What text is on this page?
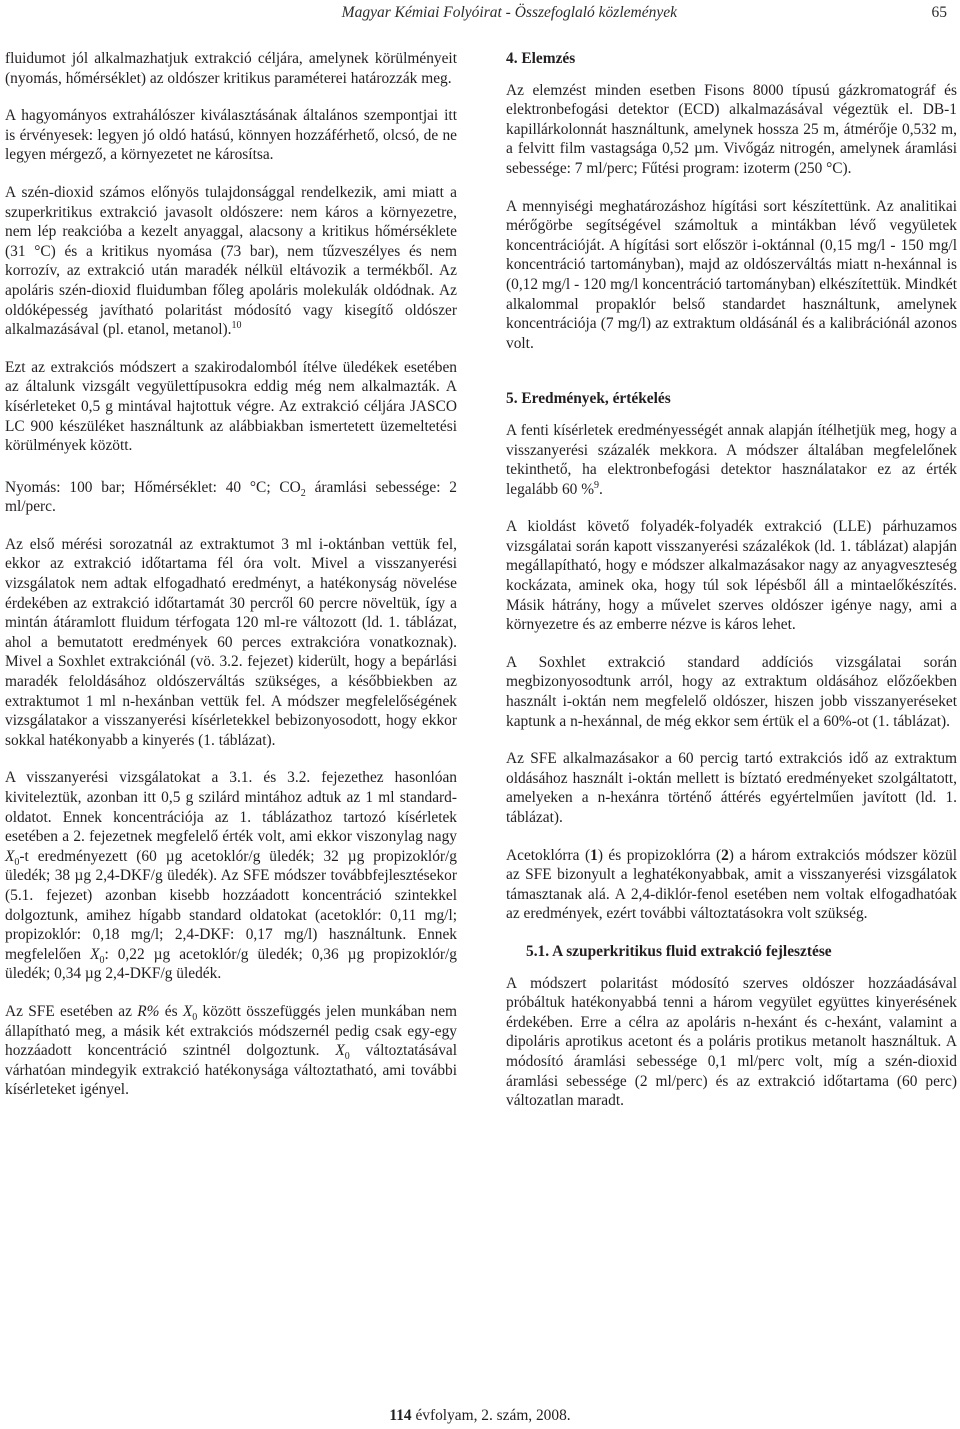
Magyar Kémiai Folyóirat - Összefoglaló közlemények	65

fluidumot jól alkalmazhatjuk extrakció céljára, amelynek körülményeit (nyomás, hőmérséklet) az oldószer kritikus paraméterei határozzák meg.

A hagyományos extrahálószer kiválasztásának általános szempontjai itt is érvényesek: legyen jó oldó hatású, könnyen hozzáférhető, olcsó, de ne legyen mérgező, a környezetet ne károsítsa.

A szén-dioxid számos előnyös tulajdonsággal rendelkezik, ami miatt a szuperkritikus extrakció javasolt oldószere: nem káros a környezetre, nem lép reakcióba a kezelt anyaggal, alacsony a kritikus hőmérséklete (31 °C) és a kritikus nyomása (73 bar), nem tűzveszélyes és nem korrozív, az extrakció után maradék nélkül eltávozik a termékből. Az apoláris szén-dioxid fluidumban főleg apoláris molekulák oldódnak. Az oldóképesség javítható polaritást módosító vagy kisegítő oldószer alkalmazásával (pl. etanol, metanol).$^{10}$

Ezt az extrakciós módszert a szakirodalomból ítélve üledékek esetében az általunk vizsgált vegyülettípusokra eddig még nem alkalmazták. A kísérleteket 0,5 g mintával hajtottuk végre. Az extrakció céljára JASCO LC 900 készüléket használtunk az alábbiakban ismertetett üzemeltetési körülmények között.

Nyomás: 100 bar; Hőmérséklet: 40 °C; $CO_2$ áramlási sebessége: 2 ml/perc.

Az első mérési sorozatnál az extraktumot 3 ml i-oktánban vettük fel, ekkor az extrakció időtartama fél óra volt. Mivel a visszanyerési vizsgálatok nem adtak elfogadható eredményt, a hatékonyság növelése érdekében az extrakció időtartamát 30 percről 60 percre növeltük, így a mintán átáramlott fluidum térfogata 120 ml-re változott (ld. 1. táblázat, ahol a bemutatott eredmények 60 perces extrakcióra vonatkoznak). Mivel a Soxhlet extrakciónál (vö. 3.2. fejezet) kiderült, hogy a bepárlási maradék feloldásához oldószerváltás szükséges, a későbbiekben az extraktumot 1 ml n-hexánban vettük fel. A módszer megfelelőségének vizsgálatakor a visszanyerési kísérletekkel bebizonyosodott, hogy ekkor sokkal hatékonyabb a kinyerés (1. táblázat).

A visszanyerési vizsgálatokat a 3.1. és 3.2. fejezethez hasonlóan kiviteleztük, azonban itt 0,5 g szilárd mintához adtuk az 1 ml standard-oldatot. Ennek koncentrációja az 1. táblázathoz tartozó kísérletek esetében a 2. fejezetnek megfelelő érték volt, ami ekkor viszonylag nagy $X_0-t$ eredményezett (60 µg acetoklór/g üledék; 32 µg propizoklór/g üledék; 38 µg 2,4-DKF/g üledék). Az SFE módszer továbbfejlesztésekor (5.1. fejezet) azonban kisebb hozzáadott koncentráció szintekkel dolgoztunk, amihez hígabb standard oldatokat (acetoklór: 0,11 mg/l; propizoklór: 0,18 mg/l; 2,4-DKF: 0,17 mg/l) használtunk. Ennek megfelelően $X_0$: 0,22 µg acetoklór/g üledék; 0,36 µg propizoklór/g üledék; 0,34 µg 2,4-DKF/g üledék.

Az SFE esetében az R% és $X_0$ között összefüggés jelen munkában nem állapítható meg, a másik két extrakciós módszernél pedig csak egy-egy hozzáadott koncentráció szintnél dolgoztunk. $X_0$ változtatásával várhatóan mindegyik extrakció hatékonysága változtatható, ami további kísérleteket igényel.

4. Elemzés

Az elemzést minden esetben Fisons 8000 típusú gázkromatográf és elektronbefogási detektor (ECD) alkalmazásával végeztük el. DB-1 kapillárkolonnát használtunk, amelynek hossza 25 m, átmérője 0,532 m, a felvitt film vastagsága 0,52 µm. Vivőgáz nitrogén, amelynek áramlási sebessége: 7 ml/perc; Fűtési program: izoterm (250 °C).

A mennyiségi meghatározáshoz hígítási sort készítettünk. Az analitikai mérőgörbe segítségével számoltuk a mintákban lévő vegyületek koncentrációját. A hígítási sort először i-oktánnal (0,15 mg/l - 150 mg/l koncentráció tartományban), majd az oldószerváltás miatt n-hexánnal is (0,12 mg/l - 120 mg/l koncentráció tartományban) elkészítettük. Mindkét alkalommal propaklór belső standardet használtunk, amelynek koncentrációja (7 mg/l) az extraktum oldásánál és a kalibrációnál azonos volt.

5. Eredmények, értékelés

A fenti kísérletek eredményességét annak alapján ítélhetjük meg, hogy a visszanyerési százalék mekkora. A módszer általában megfelelőnek tekinthető, ha elektronbefogási detektor használatakor ez az érték legalább 60 %$^9$.

A kioldást követő folyadék-folyadék extrakció (LLE) párhuzamos vizsgálatai során kapott visszanyerési százalékok (ld. 1. táblázat) alapján megállapítható, hogy e módszer alkalmazásakor nagy az anyagveszteség kockázata, aminek oka, hogy túl sok lépésből áll a mintaelőkészítés. Másik hátrány, hogy a művelet szerves oldószer igénye nagy, ami a környezetre és az emberre nézve is káros lehet.

A Soxhlet extrakció standard addíciós vizsgálatai során megbizonyosodtunk arról, hogy az extraktum oldásához előzőekben használt i-oktán nem megfelelő oldószer, hiszen jobb visszanyeréseket kaptunk a n-hexánnal, de még ekkor sem értük el a 60%-ot (1. táblázat).

Az SFE alkalmazásakor a 60 percig tartó extrakciós idő az extraktum oldásához használt i-oktán mellett is bíztató eredményeket szolgáltatott, amelyeken a n-hexánra történő áttérés egyértelműen javított (ld. 1. táblázat).

Acetoklórra (1) és propizoklórra (2) a három extrakciós módszer közül az SFE bizonyult a leghatékonyabbak, amit a visszanyerési vizsgálatok támasztanak alá. A 2,4-diklór-fenol esetében nem voltak elfogadhatóak az eredmények, ezért további változtatásokra volt szükség.

5.1. A szuperkritikus fluid extrakció fejlesztése

A módszert polaritást módosító szerves oldószer hozzáadásával próbáltuk hatékonyabbá tenni a három vegyület együttes kinyerésének érdekében. Erre a célra az apoláris n-hexánt és c-hexánt, valamint a dipoláris aprotikus acetont és a poláris protikus metanolt használtuk. A módosító áramlási sebessége 0,1 ml/perc volt, míg a szén-dioxid áramlási sebessége (2 ml/perc) és az extrakció időtartama (60 perc) változatlan maradt.

114 évfolyam, 2. szám, 2008.
